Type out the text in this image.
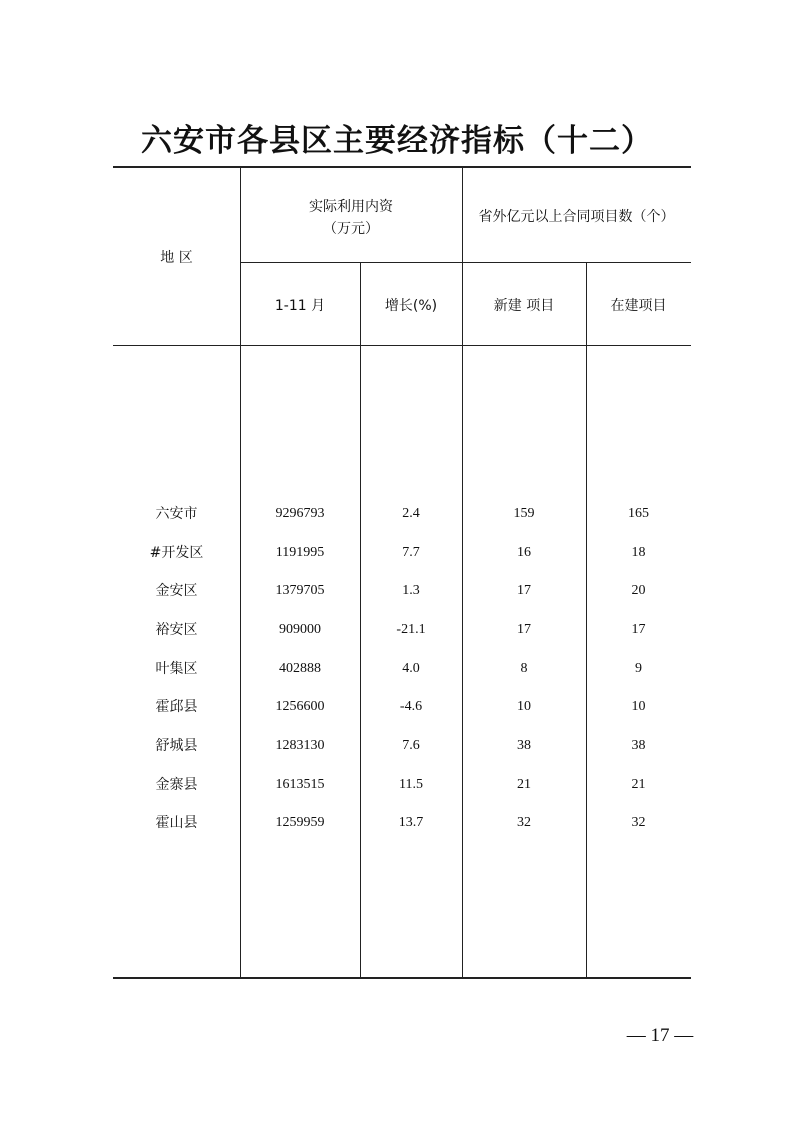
六安市各县区主要经济指标（十二）
地 区
实际利用内资
（万元）
省外亿元以上合同项目数（个）
1-11 月	增长(%)	新建 项目	在建项目
六安市	9296793	2.4	159	165
#开发区	1191995	7.7	16	18
金安区	1379705	1.3	17	20
裕安区	909000	-21.1	17	17
叶集区	402888	4.0	8	9
霍邱县	1256600	-4.6	10	10
舒城县	1283130	7.6	38	38
金寨县	1613515	11.5	21	21
霍山县	1259959	13.7	32	32
— 17 —
